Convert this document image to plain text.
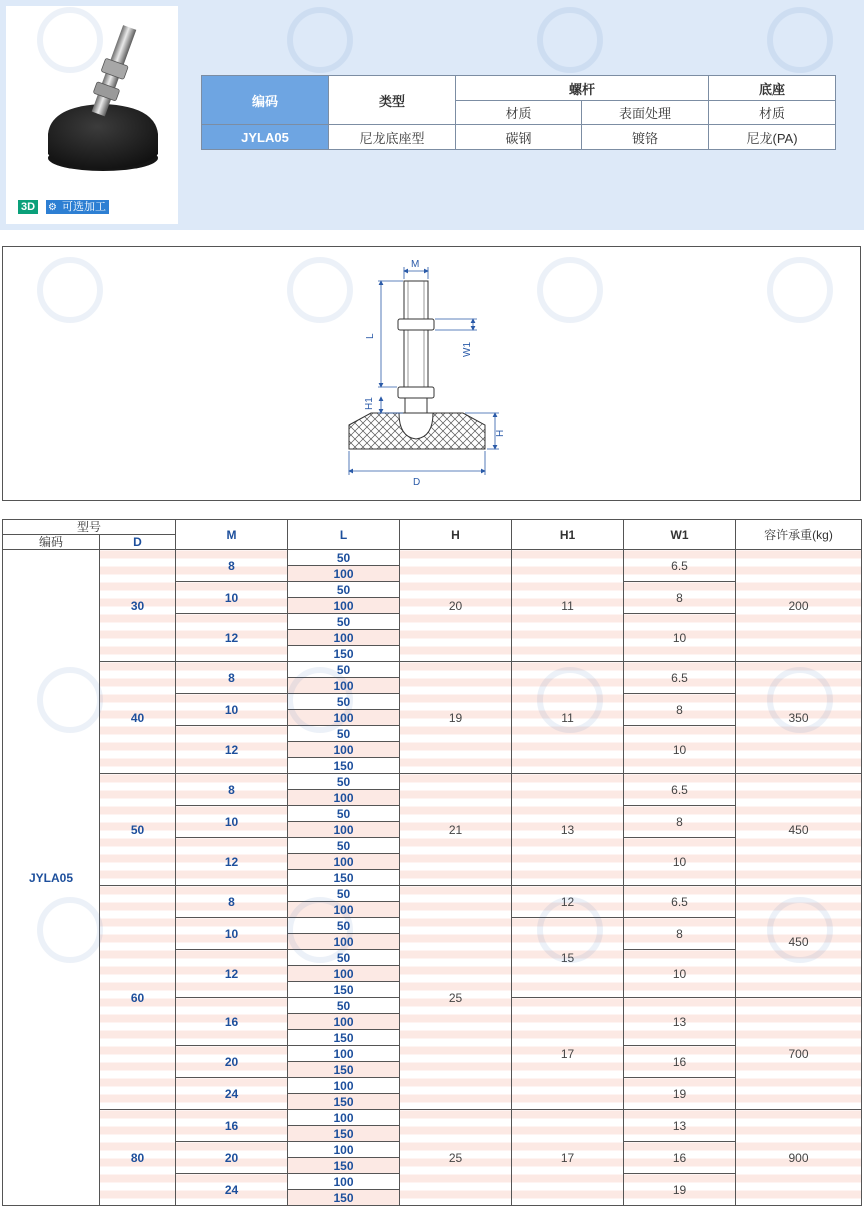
3D	⚙ 可选加工
编码	类型	螺杆		底座
		材质	表面处理	材质
JYLA05	尼龙底座型	碳钢	镀铬	尼龙(PA)
M
L
H1
W1
H
D
型号		M	L	H	H1	W1	容许承重(kg)
编码	D						
JYLA05	30	8	50	20	11	6.5	200
			100				
		10	50			8	
			100				
		12	50			10	
			100				
			150				
	40	8	50	19	11	6.5	350
			100				
		10	50			8	
			100				
		12	50			10	
			100				
			150				
	50	8	50	21	13	6.5	450
			100				
		10	50			8	
			100				
		12	50			10	
			100				
			150				
	60	8	50	25	12	6.5	450
			100				
		10	50		15	8	
			100				
		12	50			10	
			100				
			150				
		16	50		17	13	700
			100				
			150				
		20	100			16	
			150				
		24	100			19	
			150				
	80	16	100	25	17	13	900
			150				
		20	100			16	
			150				
		24	100			19	
			150				
